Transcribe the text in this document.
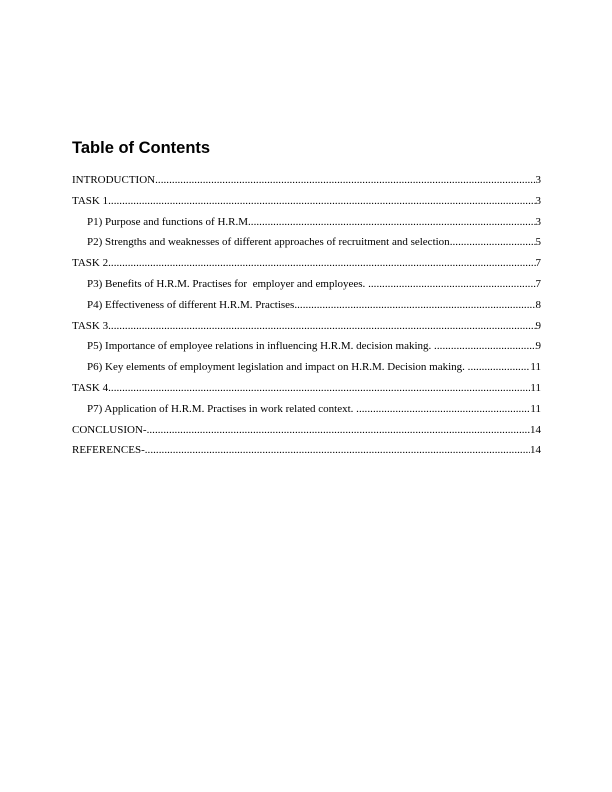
Table of Contents
INTRODUCTION .....	3
TASK 1 .....	3
P1) Purpose and functions of H.R.M. .....	3
P2) Strengths and weaknesses of different approaches of recruitment and selection .....	5
TASK 2 .....	7
P3) Benefits of H.R.M. Practises for  employer and employees. .....	7
P4) Effectiveness of different H.R.M. Practises .....	8
TASK 3 .....	9
P5) Importance of employee relations in influencing H.R.M. decision making. .....	9
P6) Key elements of employment legislation and impact on H.R.M. Decision making. .....	11
TASK 4 .....	11
P7) Application of H.R.M. Practises in work related context. .....	11
CONCLUSION- .....	14
REFERENCES- .....	14
